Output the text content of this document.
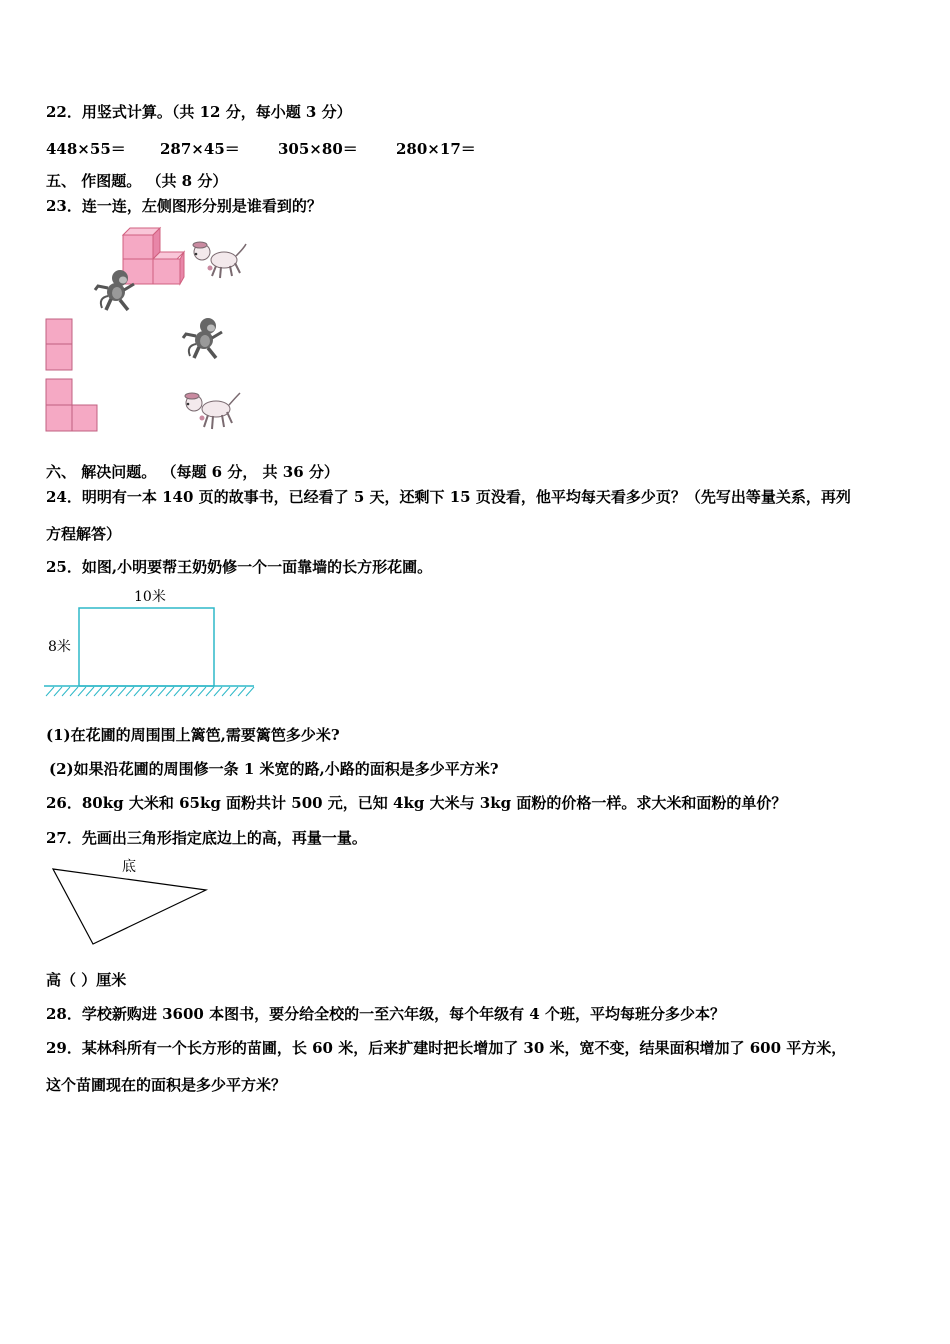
22．用竖式计算。（共 12 分，每小题 3 分）
448×55＝ 287×45＝	305×80＝	280×17＝
五、 作图题。 （共 8 分）
23．连一连，左侧图形分别是谁看到的？
六、 解决问题。 （每题 6 分， 共 36 分）
24．明明有一本 140 页的故事书，已经看了 5 天，还剩下 15 页没看，他平均每天看多少页？（先写出等量关系，再列
方程解答）
25．如图,小明要帮王奶奶修一个一面靠墙的长方形花圃。
10米
8米
(1)在花圃的周围围上篱笆,需要篱笆多少米?
(2)如果沿花圃的周围修一条 1 米宽的路,小路的面积是多少平方米?
26．80kg 大米和 65kg 面粉共计 500 元，已知 4kg 大米与 3kg 面粉的价格一样。求大米和面粉的单价？
27．先画出三角形指定底边上的高，再量一量。
底
高（ ）厘米
28．学校新购进 3600 本图书，要分给全校的一至六年级，每个年级有 4 个班，平均每班分多少本？
29．某林科所有一个长方形的苗圃，长 60 米，后来扩建时把长增加了 30 米，宽不变，结果面积增加了 600 平方米，
这个苗圃现在的面积是多少平方米？
